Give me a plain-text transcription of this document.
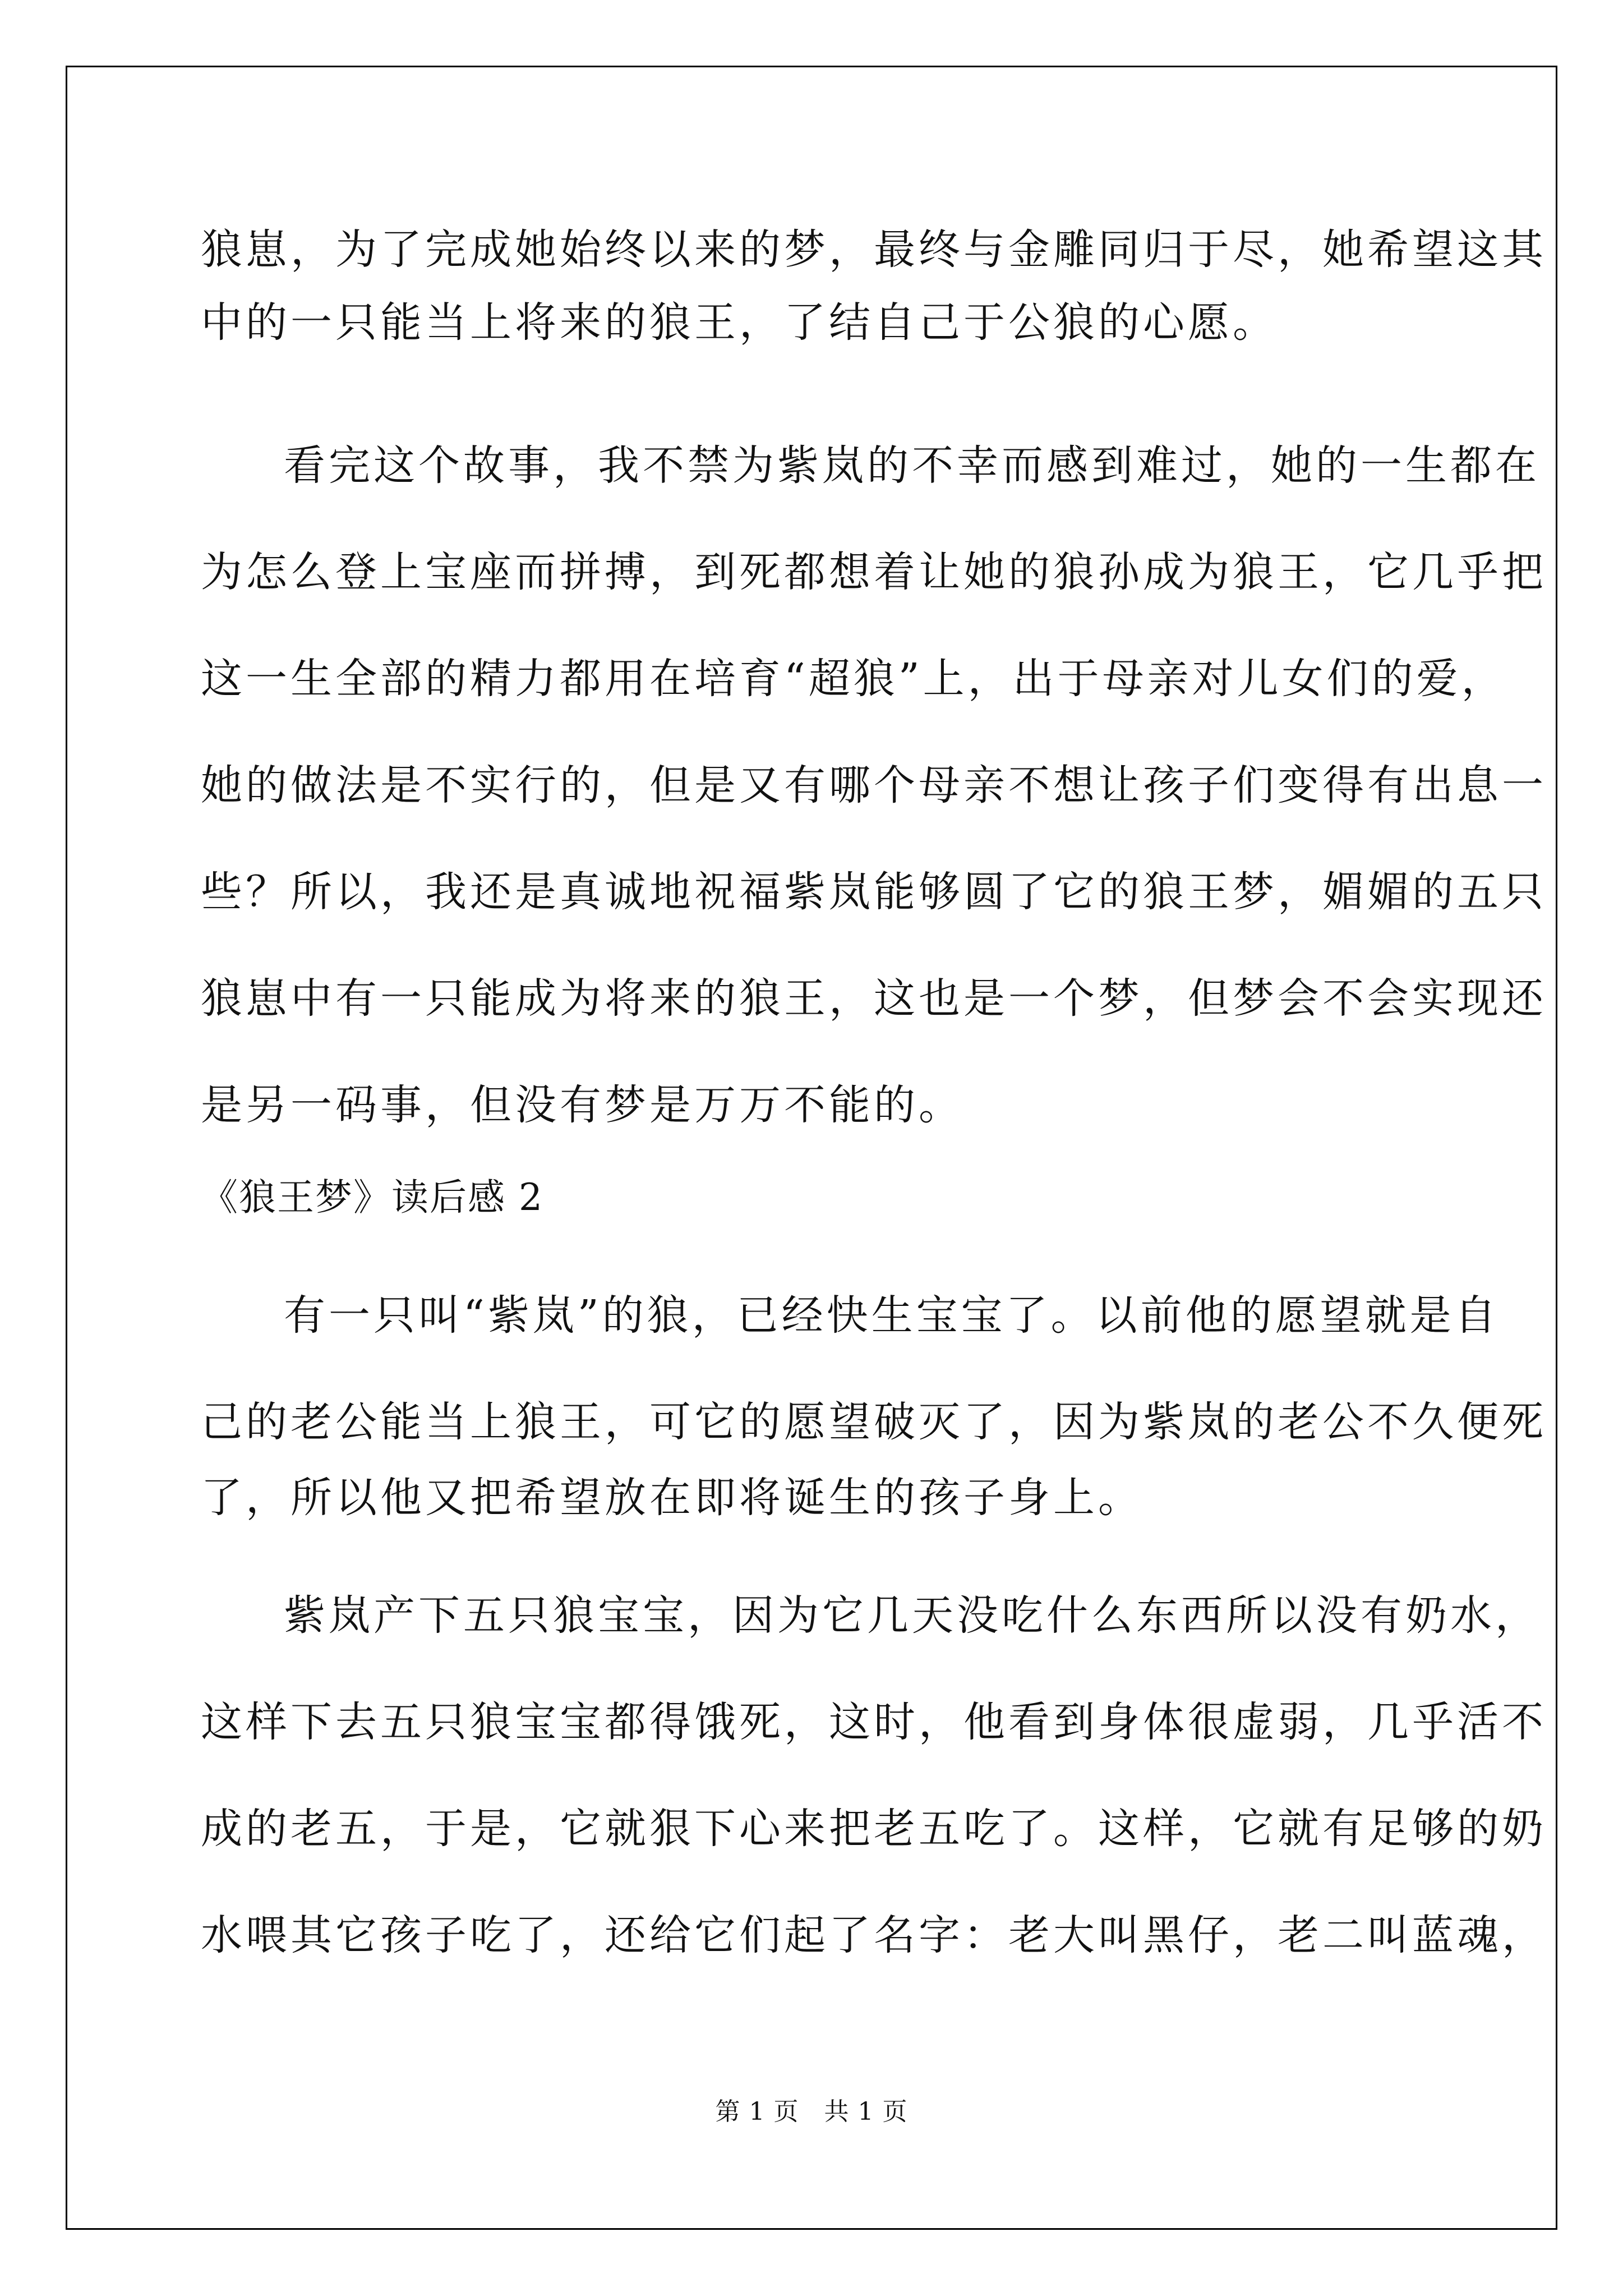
狼崽，为了完成她始终以来的梦，最终与金雕同归于尽，她希望这其
中的一只能当上将来的狼王，了结自己于公狼的心愿。
看完这个故事，我不禁为紫岚的不幸而感到难过，她的一生都在
为怎么登上宝座而拼搏，到死都想着让她的狼孙成为狼王，它几乎把
这一生全部的精力都用在培育“超狼”上，出于母亲对儿女们的爱，
她的做法是不实行的，但是又有哪个母亲不想让孩子们变得有出息一
些？所以，我还是真诚地祝福紫岚能够圆了它的狼王梦，媚媚的五只
狼崽中有一只能成为将来的狼王，这也是一个梦，但梦会不会实现还
是另一码事，但没有梦是万万不能的。
《狼王梦》读后感 2
有一只叫“紫岚”的狼，已经快生宝宝了。以前他的愿望就是自
己的老公能当上狼王，可它的愿望破灭了，因为紫岚的老公不久便死
了，所以他又把希望放在即将诞生的孩子身上。
紫岚产下五只狼宝宝，因为它几天没吃什么东西所以没有奶水，
这样下去五只狼宝宝都得饿死，这时，他看到身体很虚弱，几乎活不
成的老五，于是，它就狠下心来把老五吃了。这样，它就有足够的奶
水喂其它孩子吃了，还给它们起了名字：老大叫黑仔，老二叫蓝魂，
第 1 页　共 1 页
